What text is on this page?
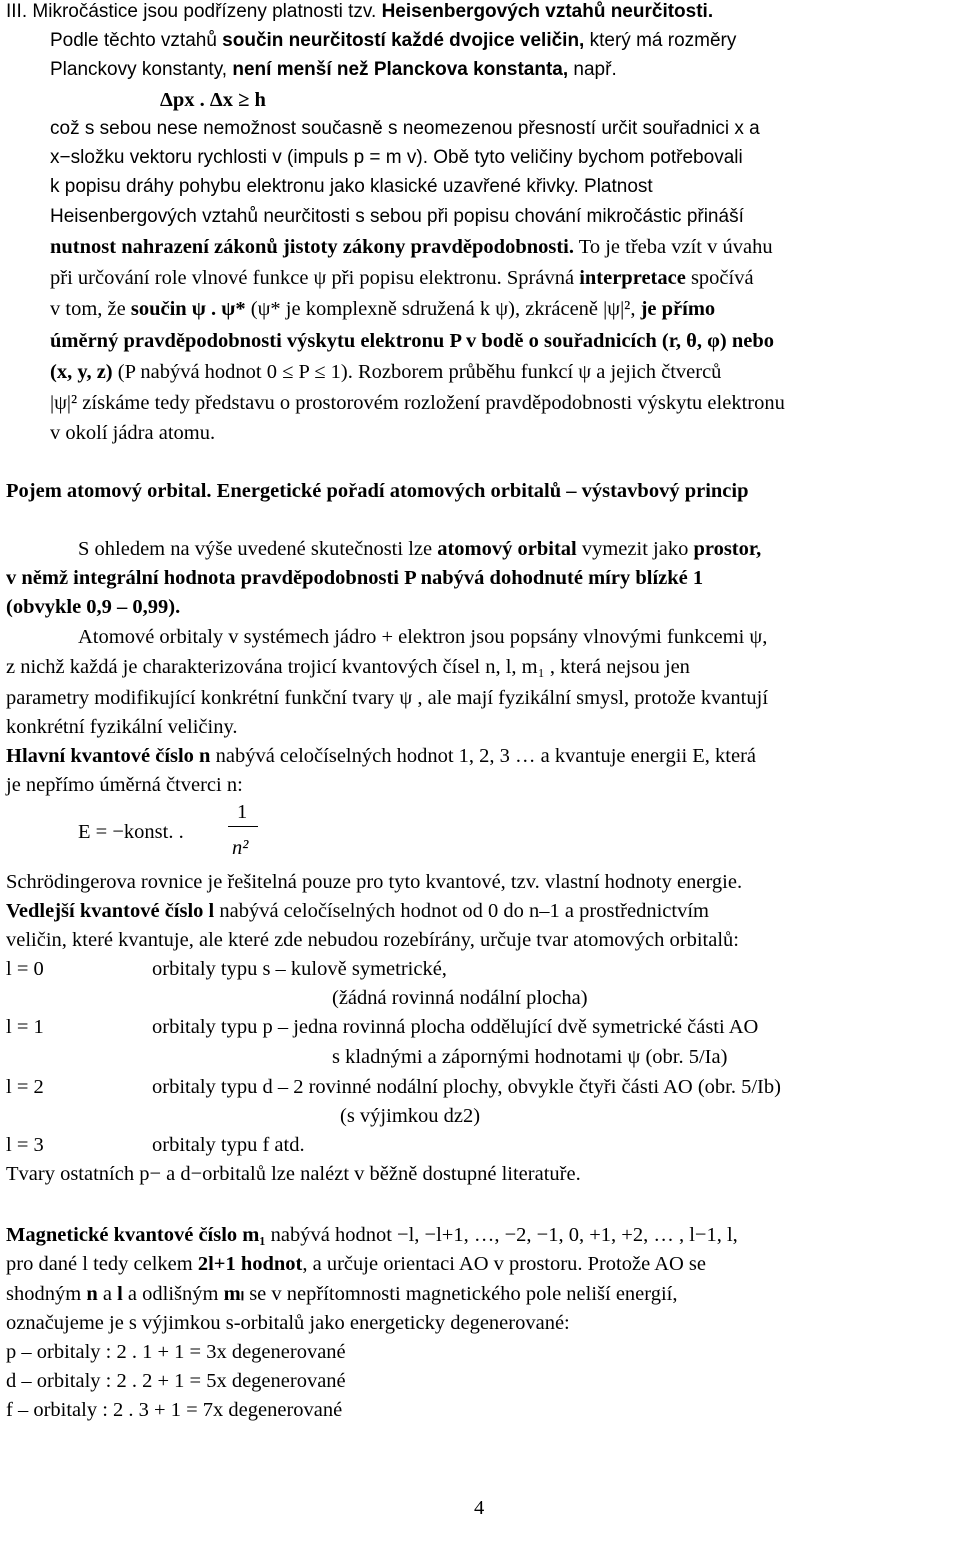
III. Mikročástice jsou podřízeny platnosti tzv. Heisenbergových vztahů neurčitosti.
Podle těchto vztahů součin neurčitostí každé dvojice veličin, který má rozměry
Planckovy konstanty, není menší než Planckova konstanta, např.
Δpx . Δx ≥ h
což s sebou nese nemožnost současně s neomezenou přesností určit souřadnici x a
x−složku vektoru rychlosti v (impuls p = m v). Obě tyto veličiny bychom potřebovali
k popisu dráhy pohybu elektronu jako klasické uzavřené křivky. Platnost
Heisenbergových vztahů neurčitosti s sebou při popisu chování mikročástic přináší
nutnost nahrazení zákonů jistoty zákony pravděpodobnosti. To je třeba vzít v úvahu
při určování role vlnové funkce ψ při popisu elektronu. Správná interpretace spočívá
v tom, že součin ψ . ψ* (ψ* je komplexně sdružená k ψ), zkráceně |ψ|², je přímo
úměrný pravděpodobnosti výskytu elektronu P v bodě o souřadnicích (r, θ, φ) nebo
(x, y, z) (P nabývá hodnot 0 ≤ P ≤ 1). Rozborem průběhu funkcí ψ a jejich čtverců
|ψ|² získáme tedy představu o prostorovém rozložení pravděpodobnosti výskytu elektronu
v okolí jádra atomu.
Pojem atomový orbital. Energetické pořadí atomových orbitalů – výstavbový princip
S ohledem na výše uvedené skutečnosti lze atomový orbital vymezit jako prostor,
v němž integrální hodnota pravděpodobnosti P nabývá dohodnuté míry blízké 1
(obvykle 0,9 – 0,99).
Atomové orbitaly v systémech jádro + elektron jsou popsány vlnovými funkcemi ψ,
z nichž každá je charakterizována trojicí kvantových čísel n, l, m₁ , která nejsou jen
parametry modifikující konkrétní funkční tvary ψ , ale mají fyzikální smysl, protože kvantují
konkrétní fyzikální veličiny.
Hlavní kvantové číslo n nabývá celočíselných hodnot 1, 2, 3 … a kvantuje energii E, která
je nepřímo úměrná čtverci n:
E = −konst. .
1
n²
Schrödingerova rovnice je řešitelná pouze pro tyto kvantové, tzv. vlastní hodnoty energie.
Vedlejší kvantové číslo l nabývá celočíselných hodnot od 0 do n–1 a prostřednictvím
veličin, které kvantuje, ale které zde nebudou rozebírány, určuje tvar atomových orbitalů:
l = 0	orbitaly typu s – kulově symetrické,
(žádná rovinná nodální plocha)
l = 1	orbitaly typu p – jedna rovinná plocha oddělující dvě symetrické části AO
s kladnými a zápornými hodnotami ψ (obr. 5/Ia)
l = 2	orbitaly typu d – 2 rovinné nodální plochy, obvykle čtyři části AO (obr. 5/Ib)
(s výjimkou dz2)
l = 3	orbitaly typu f atd.
Tvary ostatních p− a d−orbitalů lze nalézt v běžně dostupné literatuře.
Magnetické kvantové číslo m₁ nabývá hodnot −l, −l+1, …, −2, −1, 0, +1, +2, … , l−1, l,
pro dané l tedy celkem 2l+1 hodnot, a určuje orientaci AO v prostoru. Protože AO se
shodným n a l a odlišným mₗ se v nepřítomnosti magnetického pole neliší energií,
označujeme je s výjimkou s-orbitalů jako energeticky degenerované:
p – orbitaly : 2 . 1 + 1 = 3x degenerované
d – orbitaly : 2 . 2 + 1 = 5x degenerované
f – orbitaly : 2 . 3 + 1 = 7x degenerované
4
